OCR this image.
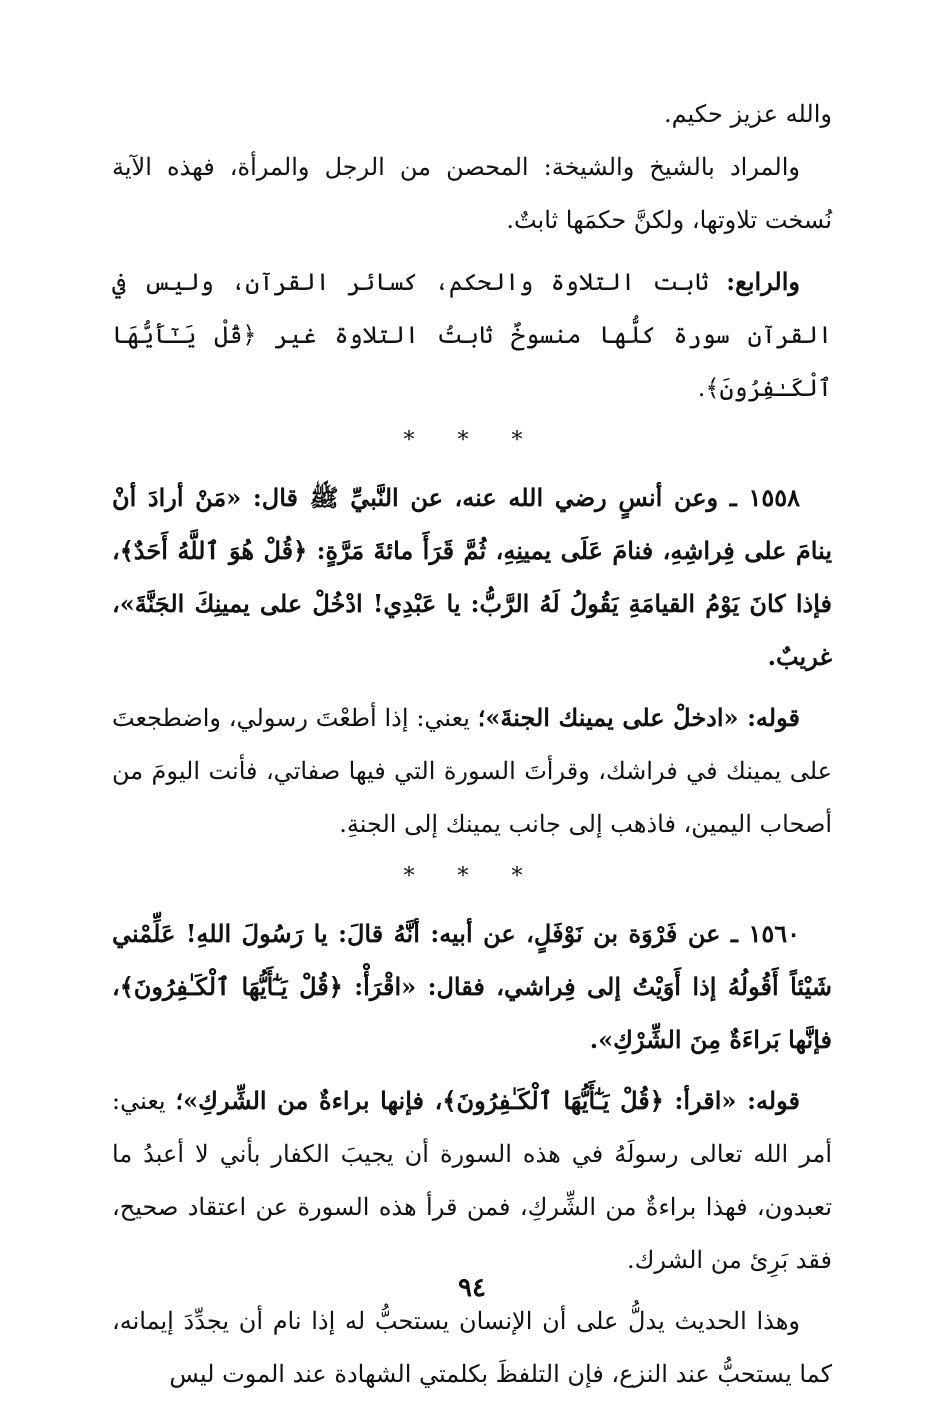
والله عزيز حكيم.

والمراد بالشيخ والشيخة: المحصن من الرجل والمرأة، فهذه الآية نُسخت تلاوتها، ولكنَّ حكمَها ثابتٌ.

والرابع: ثابت التلاوة والحكم، كسائر القرآن، وليس في القرآن سورة كلُّها منسوخٌ ثابتُ التلاوة غير ﴿قُلْ يَـٰٓأَيُّهَا ٱلْكَـٰفِرُونَ﴾.

* * *

١٥٥٨ ـ وعن أنسٍ رضي الله عنه، عن النَّبيِّ ﷺ قال: «مَنْ أرادَ أنْ ينامَ على فِراشِهِ، فنامَ عَلَى يمينِهِ، ثُمَّ قَرَأَ مائةَ مَرَّةٍ: ﴿قُلْ هُوَ ٱللَّهُ أَحَدٌ﴾، فإذا كانَ يَوْمُ القيامَةِ يَقُولُ لَهُ الرَّبُّ: يا عَبْدِي! ادْخُلْ على يمينِكَ الجَنَّةَ»، غريبٌ.

قوله: «ادخلْ على يمينك الجنةَ»؛ يعني: إذا أطعْتَ رسولي، واضطجعتَ على يمينك في فراشك، وقرأتَ السورة التي فيها صفاتي، فأنت اليومَ من أصحاب اليمين، فاذهب إلى جانب يمينك إلى الجنةِ.

* * *

١٥٦٠ ـ عن فَرْوَة بن نَوْفَلٍ، عن أبيه: أنَّهُ قالَ: يا رَسُولَ اللهِ! عَلِّمْني شَيْئاً أَقُولُهُ إذا أَوَيْتُ إلى فِراشي، فقال: «اقْرَأْ: ﴿قُلْ يَـٰٓأَيُّهَا ٱلْكَـٰفِرُونَ﴾، فإنَّها بَراءَةٌ مِنَ الشِّرْكِ».

قوله: «اقرأ: ﴿قُلْ يَـٰٓأَيُّهَا ٱلْكَـٰفِرُونَ﴾، فإنها براءةٌ من الشِّركِ»؛ يعني: أمر الله تعالى رسولَهُ في هذه السورة أن يجيبَ الكفار بأني لا أعبدُ ما تعبدون، فهذا براءةٌ من الشِّركِ، فمن قرأ هذه السورة عن اعتقاد صحيح، فقد بَرِئ من الشرك.

وهذا الحديث يدلُّ على أن الإنسان يستحبُّ له إذا نام أن يجدِّدَ إيمانه، كما يستحبُّ عند النزع، فإن التلفظَ بكلمتي الشهادة عند الموت ليس

٩٤
